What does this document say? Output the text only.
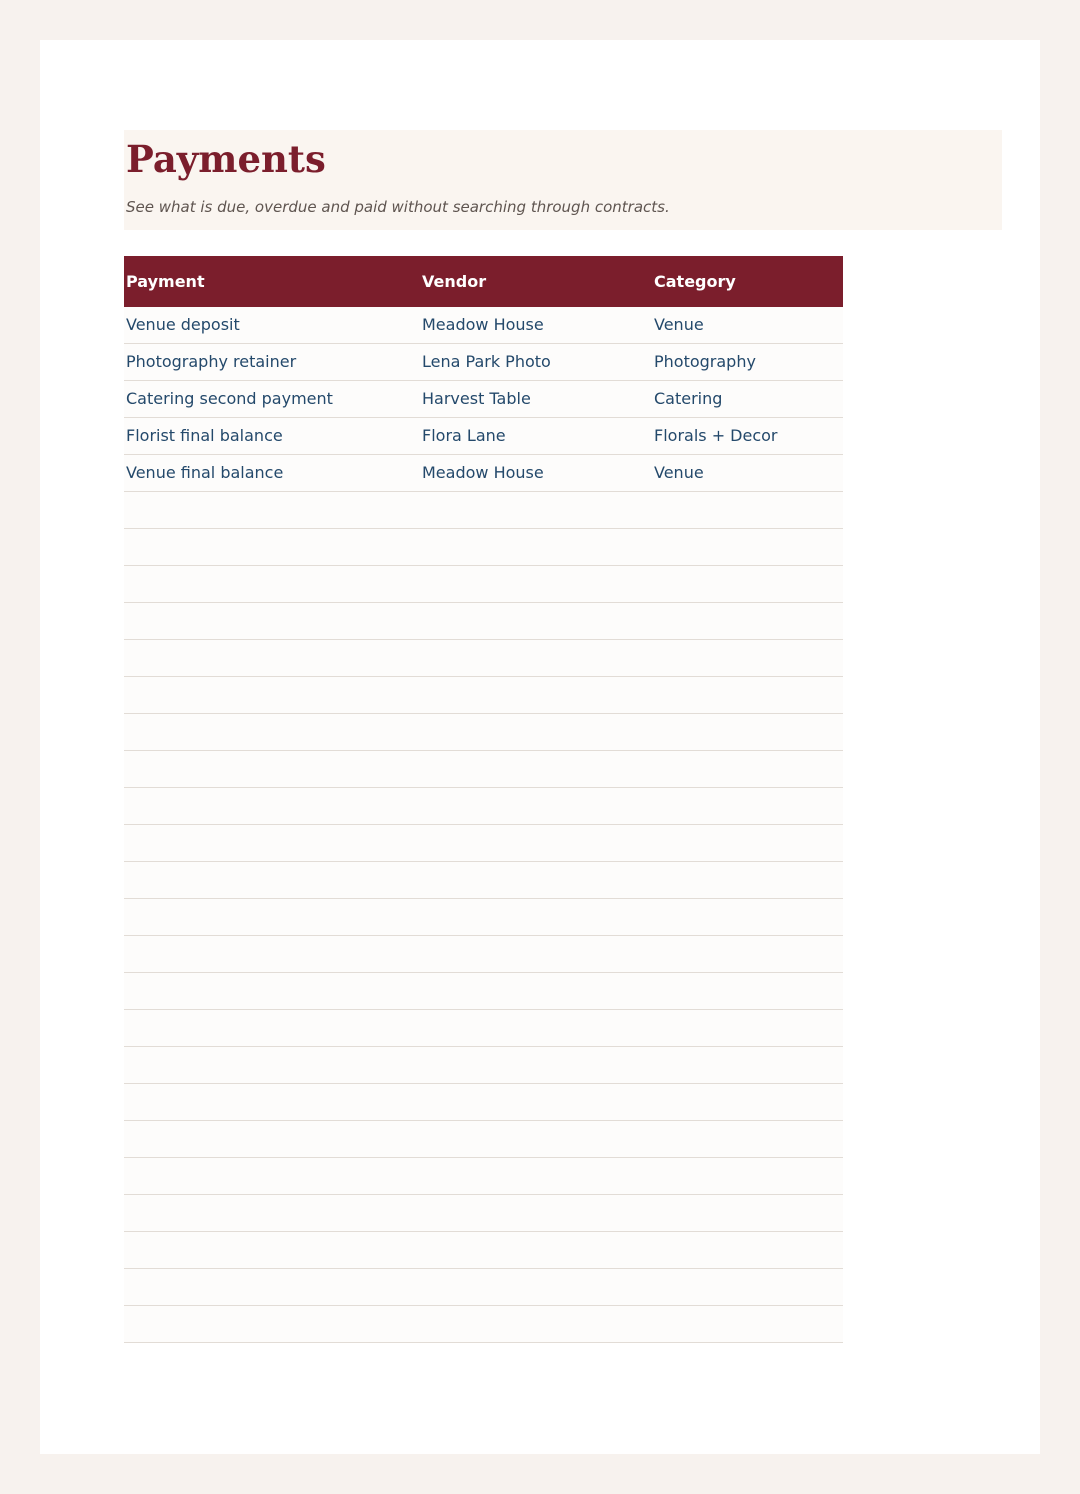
Payments

See what is due, overdue and paid without searching through contracts.

Payment	Vendor	Category
Venue deposit	Meadow House	Venue
Photography retainer	Lena Park Photo	Photography
Catering second payment	Harvest Table	Catering
Florist final balance	Flora Lane	Florals + Decor
Venue final balance	Meadow House	Venue
